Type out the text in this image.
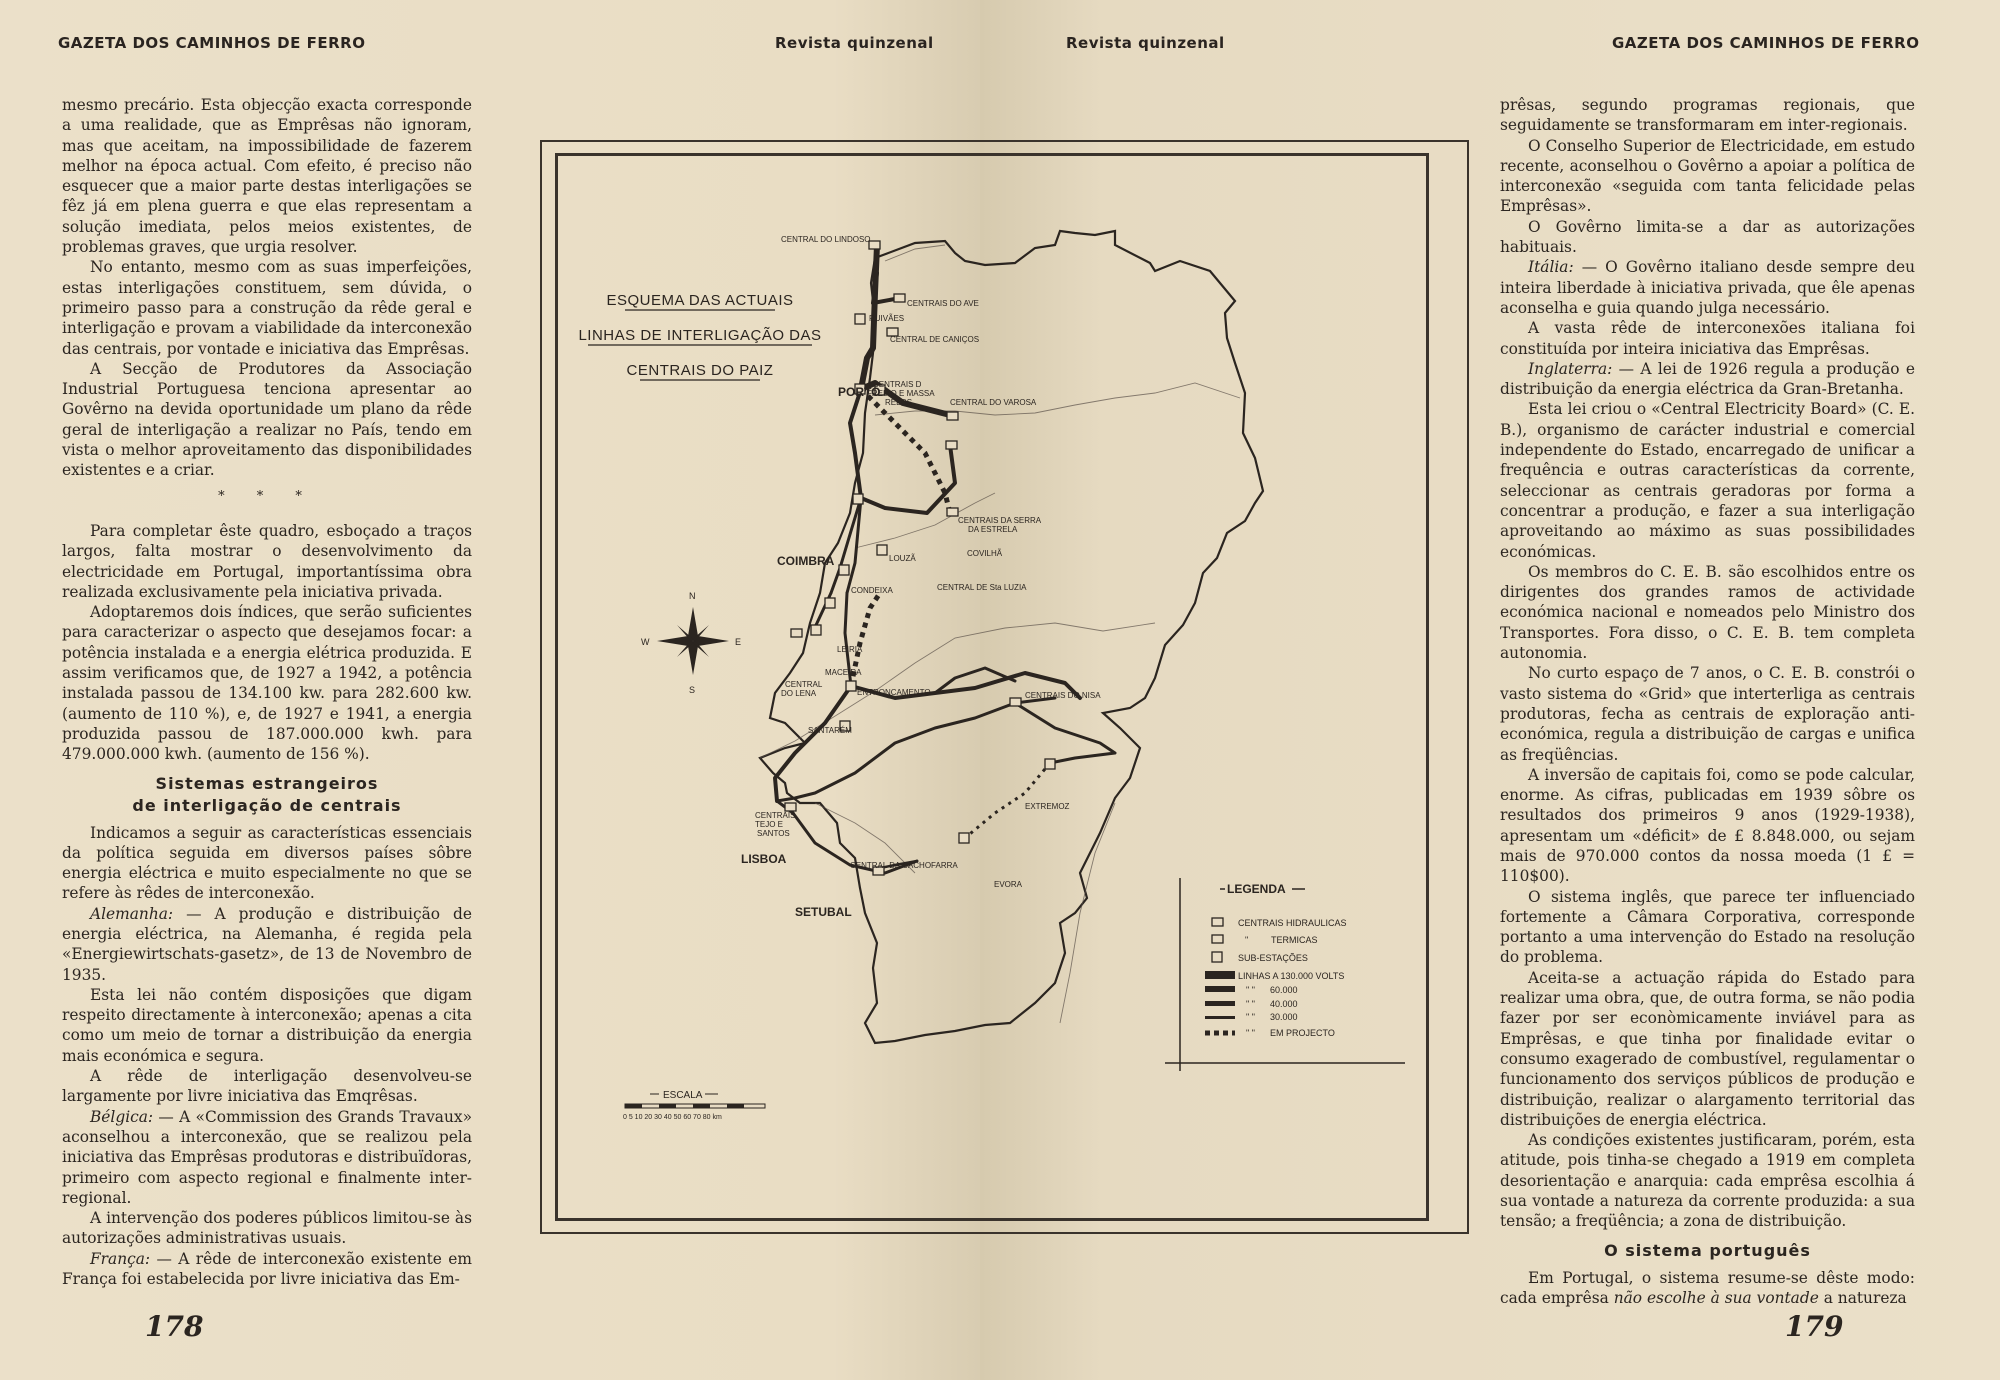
GAZETA DOS CAMINHOS DE FERRO	Revista quinzenal	Revista quinzenal	GAZETA DOS CAMINHOS DE FERRO

mesmo precário. Esta objecção exacta corresponde a uma realidade, que as Emprêsas não ignoram, mas que aceitam, na impossibilidade de fazerem melhor na época actual. Com efeito, é preciso não esquecer que a maior parte destas interligações se fêz já em plena guerra e que elas representam a solução imediata, pelos meios existentes, de problemas graves, que urgia resolver.

No entanto, mesmo com as suas imperfeições, estas interligações constituem, sem dúvida, o primeiro passo para a construção da rêde geral e interligação e provam a viabilidade da interconexão das centrais, por vontade e iniciativa das Emprêsas.

A Secção de Produtores da Associação Industrial Portuguesa tenciona apresentar ao Govêrno na devida oportunidade um plano da rêde geral de interligação a realizar no País, tendo em vista o melhor aproveitamento das disponibilidades existentes e a criar.

* * *

Para completar êste quadro, esboçado a traços largos, falta mostrar o desenvolvimento da electricidade em Portugal, importantíssima obra realizada exclusivamente pela iniciativa privada.

Adoptaremos dois índices, que serão suficientes para caracterizar o aspecto que desejamos focar: a potência instalada e a energia elétrica produzida. E assim verificamos que, de 1927 a 1942, a potência instalada passou de 134.100 kw. para 282.600 kw. (aumento de 110 %), e, de 1927 e 1941, a energia produzida passou de 187.000.000 kwh. para 479.000.000 kwh. (aumento de 156 %).

Sistemas estrangeiros
de interligação de centrais

Indicamos a seguir as características essenciais da política seguida em diversos países sôbre energia eléctrica e muito especialmente no que se refere às rêdes de interconexão.

Alemanha: — A produção e distribuição de energia eléctrica, na Alemanha, é regida pela «Energiewirtschats-gasetz», de 13 de Novembro de 1935.

Esta lei não contém disposições que digam respeito directamente à interconexão; apenas a cita como um meio de tornar a distribuição da energia mais económica e segura.

A rêde de interligação desenvolveu-se largamente por livre iniciativa das Emqrêsas.

Bélgica: — A «Commission des Grands Travaux» aconselhou a interconexão, que se realizou pela iniciativa das Emprêsas produtoras e distribuïdoras, primeiro com aspecto regional e finalmente inter-regional.

A intervenção dos poderes públicos limitou-se às autorizações administrativas usuais.

França: — A rêde de interconexão existente em França foi estabelecida por livre iniciativa das Em-

prêsas, segundo programas regionais, que seguidamente se transformaram em inter-regionais.

O Conselho Superior de Electricidade, em estudo recente, aconselhou o Govêrno a apoiar a política de interconexão «seguida com tanta felicidade pelas Emprêsas».

O Govêrno limita-se a dar as autorizações habituais.

Itália: — O Govêrno italiano desde sempre deu inteira liberdade à iniciativa privada, que êle apenas aconselha e guia quando julga necessário.

A vasta rêde de interconexões italiana foi constituída por inteira iniciativa das Emprêsas.

Inglaterra: — A lei de 1926 regula a produção e distribuição da energia eléctrica da Gran-Bretanha.

Esta lei criou o «Central Electricity Board» (C. E. B.), organismo de carácter industrial e comercial independente do Estado, encarregado de unificar a frequência e outras características da corrente, seleccionar as centrais geradoras por forma a concentrar a produção, e fazer a sua interligação aproveitando ao máximo as suas possibilidades económicas.

Os membros do C. E. B. são escolhidos entre os dirigentes dos grandes ramos de actividade económica nacional e nomeados pelo Ministro dos Transportes. Fora disso, o C. E. B. tem completa autonomia.

No curto espaço de 7 anos, o C. E. B. constrói o vasto sistema do «Grid» que interterliga as centrais produtoras, fecha as centrais de exploração anti-económica, regula a distribuição de cargas e unifica as freqüências.

A inversão de capitais foi, como se pode calcular, enorme. As cifras, publicadas em 1939 sôbre os resultados dos primeiros 9 anos (1929-1938), apresentam um «déficit» de £ 8.848.000, ou sejam mais de 970.000 contos da nossa moeda (1 £ = 110$00).

O sistema inglês, que parece ter influenciado fortemente a Câmara Corporativa, corresponde portanto a uma intervenção do Estado na resolução do problema.

Aceita-se a actuação rápida do Estado para realizar uma obra, que, de outra forma, se não podia fazer por ser econòmicamente inviável para as Emprêsas, e que tinha por finalidade evitar o consumo exagerado de combustível, regulamentar o funcionamento dos serviços públicos de produção e distribuição, realizar o alargamento territorial das distribuições de energia eléctrica.

As condições existentes justificaram, porém, esta atitude, pois tinha-se chegado a 1919 em completa desorientação e anarquia: cada emprêsa escolhia á sua vontade a natureza da corrente produzida: a sua tensão; a freqüência; a zona de distribuição.

O sistema português

Em Portugal, o sistema resume-se dêste modo: cada emprêsa não escolhe à sua vontade a natureza

ESQUEMA DAS ACTUAIS
LINHAS DE INTERLIGAÇÃO DAS
CENTRAIS DO PAIZ
CENTRAL DO LINDOSO
CENTRAIS DO AVE
RUIVÃES
CENTRAL DE CANIÇOS
CENTRAIS D
FREIXO E MASSA
RELOS	CENTRAL DO VAROSA
CENTRAIS DA SERRA
DA ESTRELA
COVILHÃ
LOUZÃ
CENTRAL DE Sta LUZIA
CONDEIXA
LEIRIA
MACEIRA
CENTRAL
DO LENA	ENTRONCAMENTO	CENTRAIS DO NISA
SANTARÉM
CENTRAIS
TEJO E
SANTOS
CENTRAL DA CACHOFARRA
EXTREMOZ
EVORA
PORTO
COIMBRA
LISBOA
SETUBAL
N
S
E
W
LEGENDA
CENTRAIS HIDRAULICAS
"	TERMICAS
SUB-ESTAÇÕES
LINHAS A 130.000 VOLTS
" " 60.000
" " 40.000
" " 30.000
" " EM PROJECTO
ESCALA
0 5 10 20 30 40 50 60 70 80 km
178	179
